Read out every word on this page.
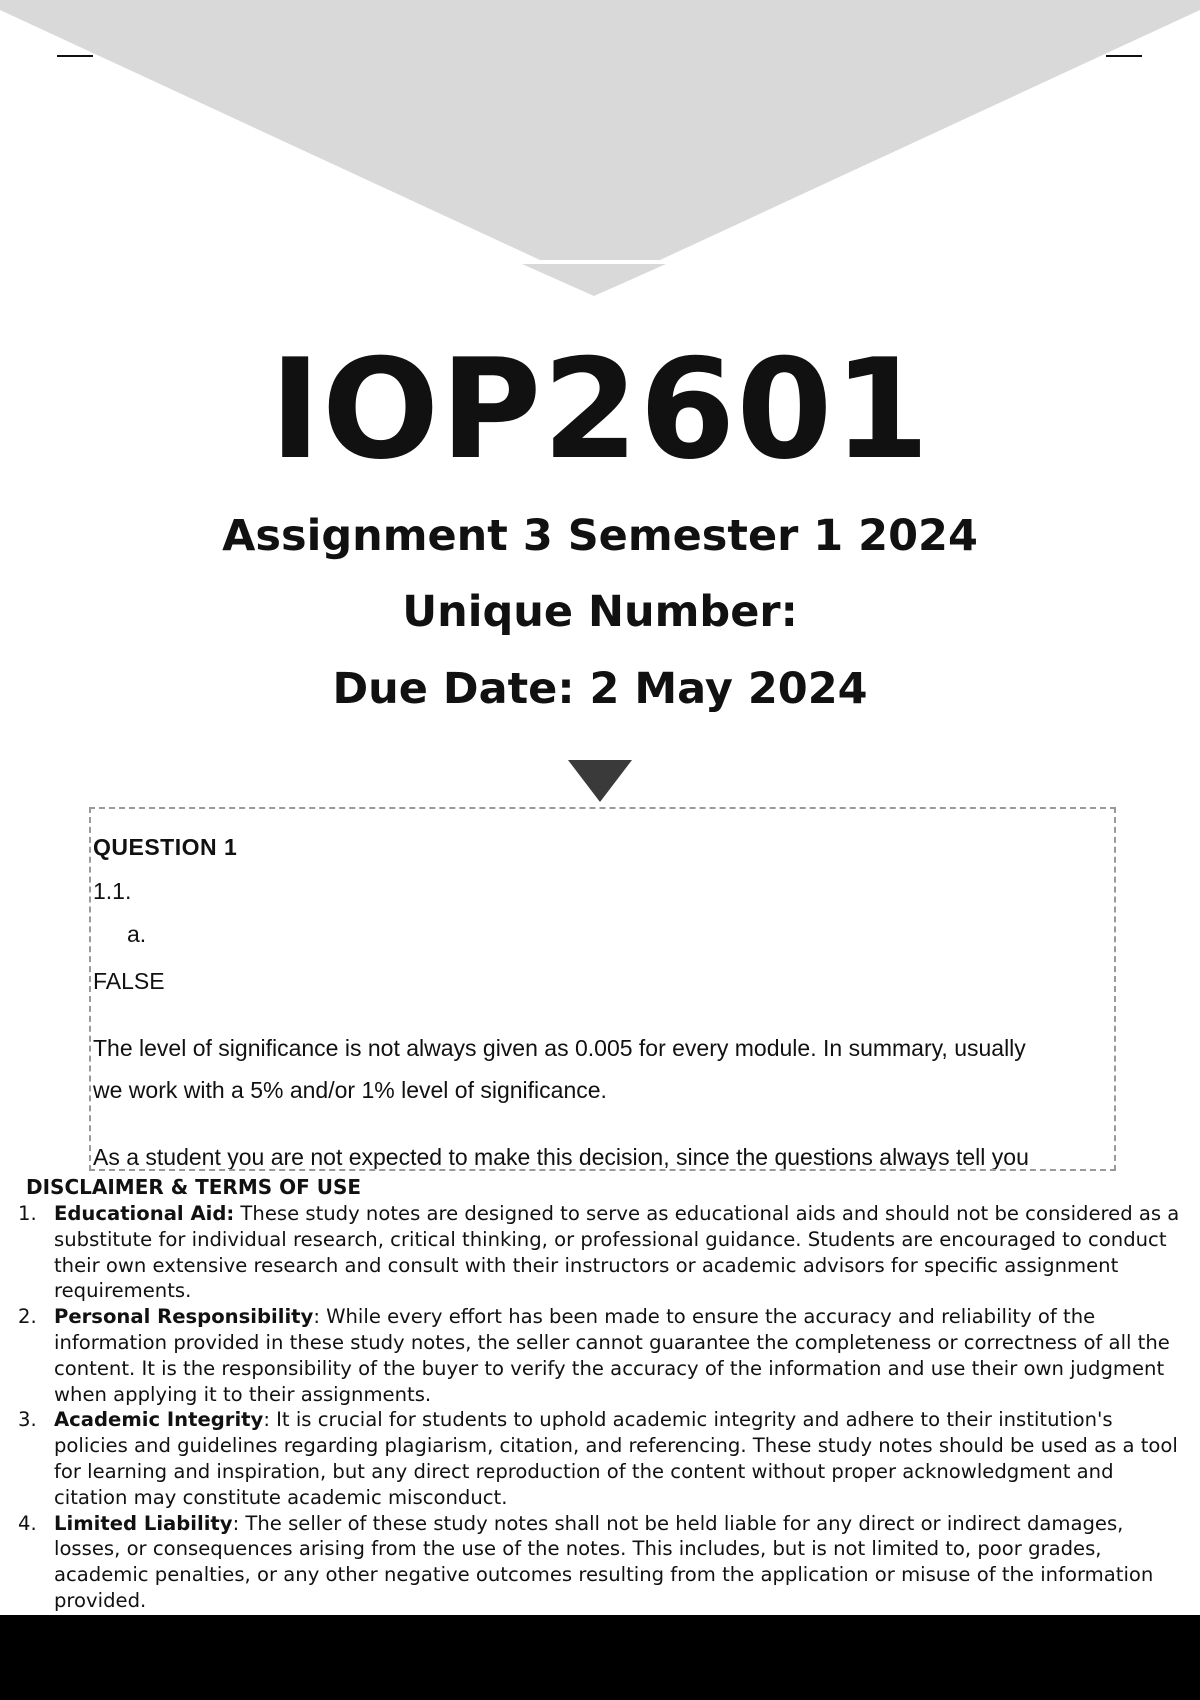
IOP2601
Assignment 3 Semester 1 2024
Unique Number:
Due Date: 2 May 2024
QUESTION 1
1.1.
a.
FALSE
The level of significance is not always given as 0.005 for every module. In summary, usually
we work with a 5% and/or 1% level of significance.
As a student you are not expected to make this decision, since the questions always tell you
DISCLAIMER & TERMS OF USE
1. Educational Aid: These study notes are designed to serve as educational aids and should not be considered as a substitute for individual research, critical thinking, or professional guidance. Students are encouraged to conduct their own extensive research and consult with their instructors or academic advisors for specific assignment requirements.
2. Personal Responsibility: While every effort has been made to ensure the accuracy and reliability of the information provided in these study notes, the seller cannot guarantee the completeness or correctness of all the content. It is the responsibility of the buyer to verify the accuracy of the information and use their own judgment when applying it to their assignments.
3. Academic Integrity: It is crucial for students to uphold academic integrity and adhere to their institution's policies and guidelines regarding plagiarism, citation, and referencing. These study notes should be used as a tool for learning and inspiration, but any direct reproduction of the content without proper acknowledgment and citation may constitute academic misconduct.
4. Limited Liability: The seller of these study notes shall not be held liable for any direct or indirect damages, losses, or consequences arising from the use of the notes. This includes, but is not limited to, poor grades, academic penalties, or any other negative outcomes resulting from the application or misuse of the information provided.
